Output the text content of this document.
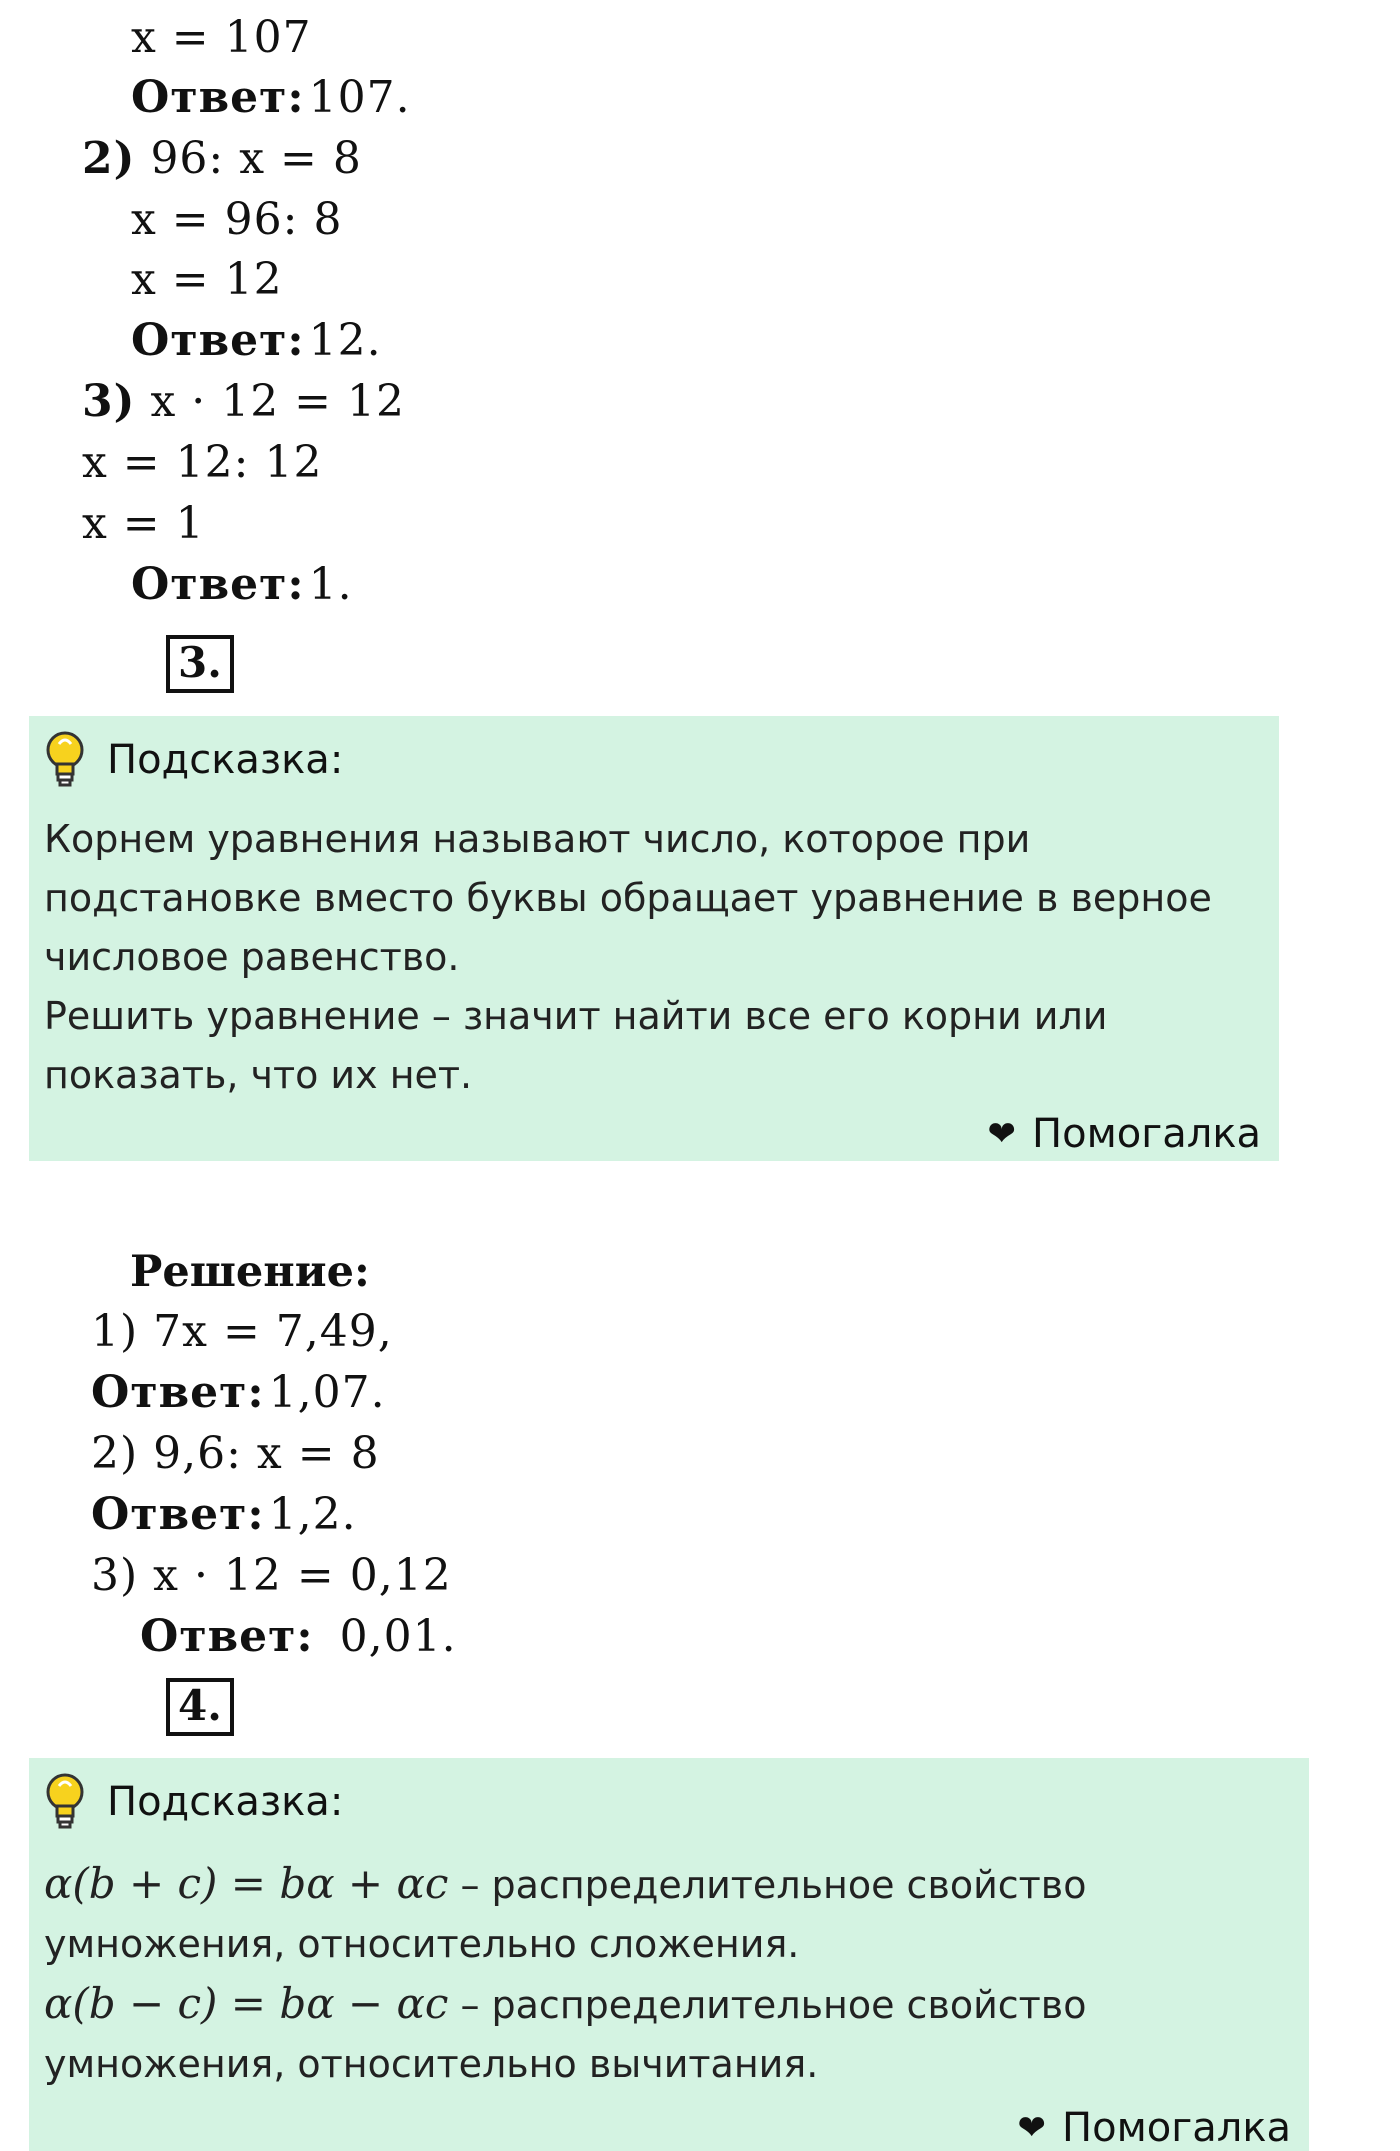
x = 107
Ответ:107.
2) 96: x = 8
x = 96: 8
x = 12
Ответ:12.
3) x · 12 = 12
x = 12: 12
x = 1
Ответ:1.
3.
Подсказка:

Корнем уравнения называют число, которое при подстановке вместо буквы обращает уравнение в верное числовое равенство.

Решить уравнение – значит найти все его корни или показать, что их нет.

❤ Помогалка
Решение:
1) 7x = 7,49,
Ответ:1,07.
2) 9,6: x = 8
Ответ:1,2.
3) x · 12 = 0,12
Ответ: 0,01.
4.
Подсказка:

α(b + c) = bα + αc – распределительное свойство

умножения, относительно сложения.

α(b − c) = bα − αc – распределительное свойство

умножения, относительно вычитания.

❤ Помогалка
